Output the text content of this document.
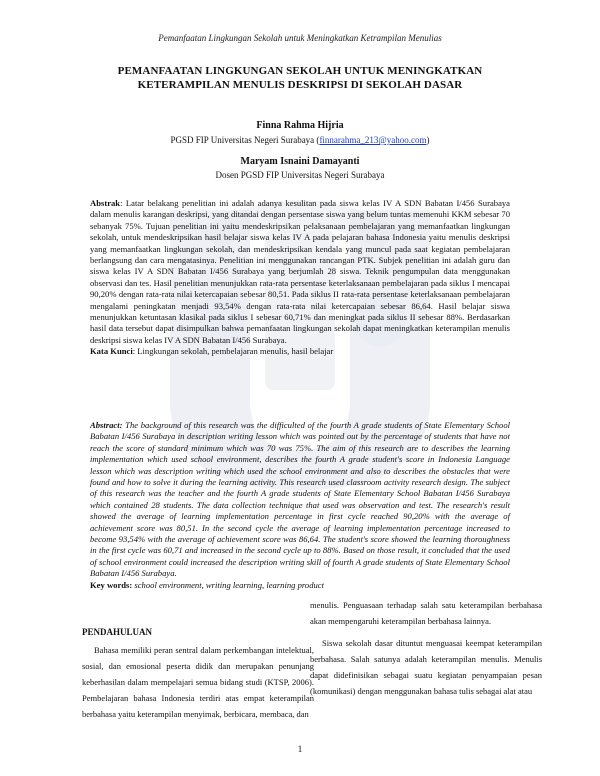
Pemanfaatan Lingkungan Sekolah untuk Meningkatkan Ketrampilan Menulias
PEMANFAATAN LINGKUNGAN SEKOLAH UNTUK MENINGKATKAN
KETERAMPILAN MENULIS DESKRIPSI DI SEKOLAH DASAR
Finna Rahma Hijria
PGSD FIP Universitas Negeri Surabaya (finnarahma_213@yahoo.com)
Maryam Isnaini Damayanti
Dosen PGSD FIP Universitas Negeri Surabaya
Abstrak: Latar belakang penelitian ini adalah adanya kesulitan pada siswa kelas IV A SDN Babatan I/456 Surabaya dalam menulis karangan deskripsi, yang ditandai dengan persentase siswa yang belum tuntas memenuhi KKM sebesar 70 sebanyak 75%. Tujuan penelitian ini yaitu mendeskripsikan pelaksanaan pembelajaran yang memanfaatkan lingkungan sekolah, untuk mendeskripsikan hasil belajar siswa kelas IV A pada pelajaran bahasa Indonesia yaitu menulis deskripsi yang memanfaatkan lingkungan sekolah, dan mendeskripsikan kendala yang muncul pada saat kegiatan pembelajaran berlangsung dan cara mengatasinya. Penelitian ini menggunakan rancangan PTK. Subjek penelitian ini adalah guru dan siswa kelas IV A SDN Babatan I/456 Surabaya yang berjumlah 28 siswa. Teknik pengumpulan data menggunakan observasi dan tes. Hasil penelitian menunjukkan rata-rata persentase keterlaksanaan pembelajaran pada siklus I mencapai 90,20% dengan rata-rata nilai ketercapaian sebesar 80,51. Pada siklus II rata-rata persentase keterlaksanaan pembelajaran mengalami peningkatan menjadi 93,54% dengan rata-rata nilai ketercapaian sebesar 86,64. Hasil belajar siswa menunjukkan ketuntasan klasikal pada siklus I sebesar 60,71% dan meningkat pada siklus II sebesar 88%. Berdasarkan hasil data tersebut dapat disimpulkan bahwa pemanfaatan lingkungan sekolah dapat meningkatkan keterampilan menulis deskripsi siswa kelas IV A SDN Babatan I/456 Surabaya.
Kata Kunci: Lingkungan sekolah, pembelajaran menulis, hasil belajar
Abstract: The background of this research was the difficulted of the fourth A grade students of State Elementary School Babatan I/456 Surabaya in description writing lesson which was pointed out by the percentage of students that have not reach the score of standard minimum which was 70 was 75%. The aim of this research are to describes the learning implementation which used school environment, describes the fourth A grade student's score in Indonesia Language lesson which was description writing which used the school environment and also to describes the obstacles that were found and how to solve it during the learning activity. This research used classroom activity research design. The subject of this research was the teacher and the fourth A grade students of State Elementary School Babatan I/456 Surabaya which contained 28 students. The data collection technique that used was observation and test. The research's result showed the average of learning implementation percentage in first cycle reached 90,20% with the average of achievement score was 80,51. In the second cycle the average of learning implementation percentage increased to become 93,54% with the average of achievement score was 86,64. The student's score showed the learning thoroughness in the first cycle was 60,71 and increased in the second cycle up to 88%. Based on those result, it concluded that the used of school environment could increased the description writing skill of fourth A grade students of State Elementary School Babatan I/456 Surabaya.
Key words: school environment, writing learning, learning product
PENDAHULUAN

Bahasa memiliki peran sentral dalam perkembangan intelektual, sosial, dan emosional peserta didik dan merupakan penunjang keberhasilan dalam mempelajari semua bidang studi (KTSP, 2006). Pembelajaran bahasa Indonesia terdiri atas empat keterampilan berbahasa yaitu keterampilan menyimak, berbicara, membaca, dan

menulis. Penguasaan terhadap salah satu keterampilan berbahasa akan mempengaruhi keterampilan berbahasa lainnya.

Siswa sekolah dasar dituntut menguasai keempat keterampilan berbahasa. Salah satunya adalah keterampilan menulis. Menulis dapat didefinisikan sebagai suatu kegiatan penyampaian pesan (komunikasi) dengan menggunakan bahasa tulis sebagai alat atau

1
